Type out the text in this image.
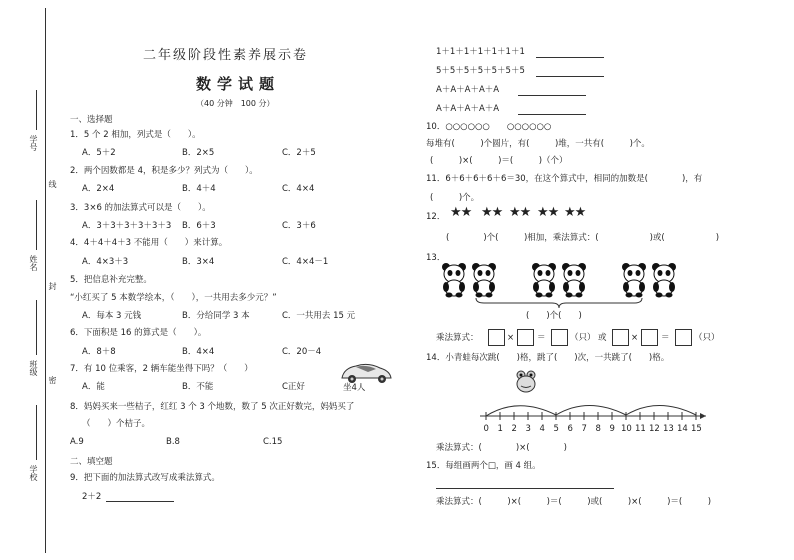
学号
姓名
班级
学校
线
封
密
二年级阶段性素养展示卷
数学试题
（40 分钟　100 分）
一、选择题
1．5 个 2 相加，列式是（　　）。
A．5＋2	B．2×5	C．2＋5
2．两个因数都是 4，积是多少？列式为（　　）。
A．2×4	B．4＋4	C．4×4
3．3×6 的加法算式可以是（　　）。
A．3＋3＋3＋3＋3＋3 B．6＋3	C．3＋6
4．4＋4＋4＋3 不能用（　　）来计算。
A．4×3＋3	B．3×4	C．4×4－1
5．把信息补充完整。
“小红买了 5 本数学绘本，（　　），一共用去多少元？”
A．每本 3 元钱	B．分给同学 3 本	C．一共用去 15 元
6．下面积是 16 的算式是（　　）。
A．8＋8	B．4×4	C．20－4
7．有 10 位乘客，2 辆车能坐得下吗？（　　）
A．能	B．不能	C正好	坐4人
8．妈妈买来一些桔子，红红 3 个 3 个地数，数了 5 次正好数完，妈妈买了
（　　）个桔子。
A.9	B.8	C.15
二、填空题
9．把下面的加法算式改写成乘法算式。
2＋2
1＋1＋1＋1＋1＋1＋1
5＋5＋5＋5＋5＋5＋5
A＋A＋A＋A＋A
A＋A＋A＋A＋A
10．○○○○○○　　○○○○○○
每堆有(　　　)个圆片，有(　　　)堆，一共有(　　　)个。
(　　　)×(　　　)＝(　　　)（个）
11．6＋6＋6＋6＋6＝30，在这个算式中，相同的加数是(　　　　)，有
(　　　)个。
12． ★★ ★★ ★★ ★★ ★★
(　　　　)个(　　　)相加，乘法算式：(　　　　　　)或(　　　　　　)
13．
(　　)个(　　)
乘法算式：	×	＝	（只） 或	×	＝	（只）
14．小青蛙每次跳(　　)格，跳了(　　)次，一共跳了(　　)格。
0 1 2 3 4 5 6 7 8 9 10 11 12 13 14 15
乘法算式：(　　　　)×(　　　　)
15．每组画两个□，画 4 组。
乘法算式：(　　　)×(　　　)＝(　　　)或(　　　)×(　　　)＝(　　　)
